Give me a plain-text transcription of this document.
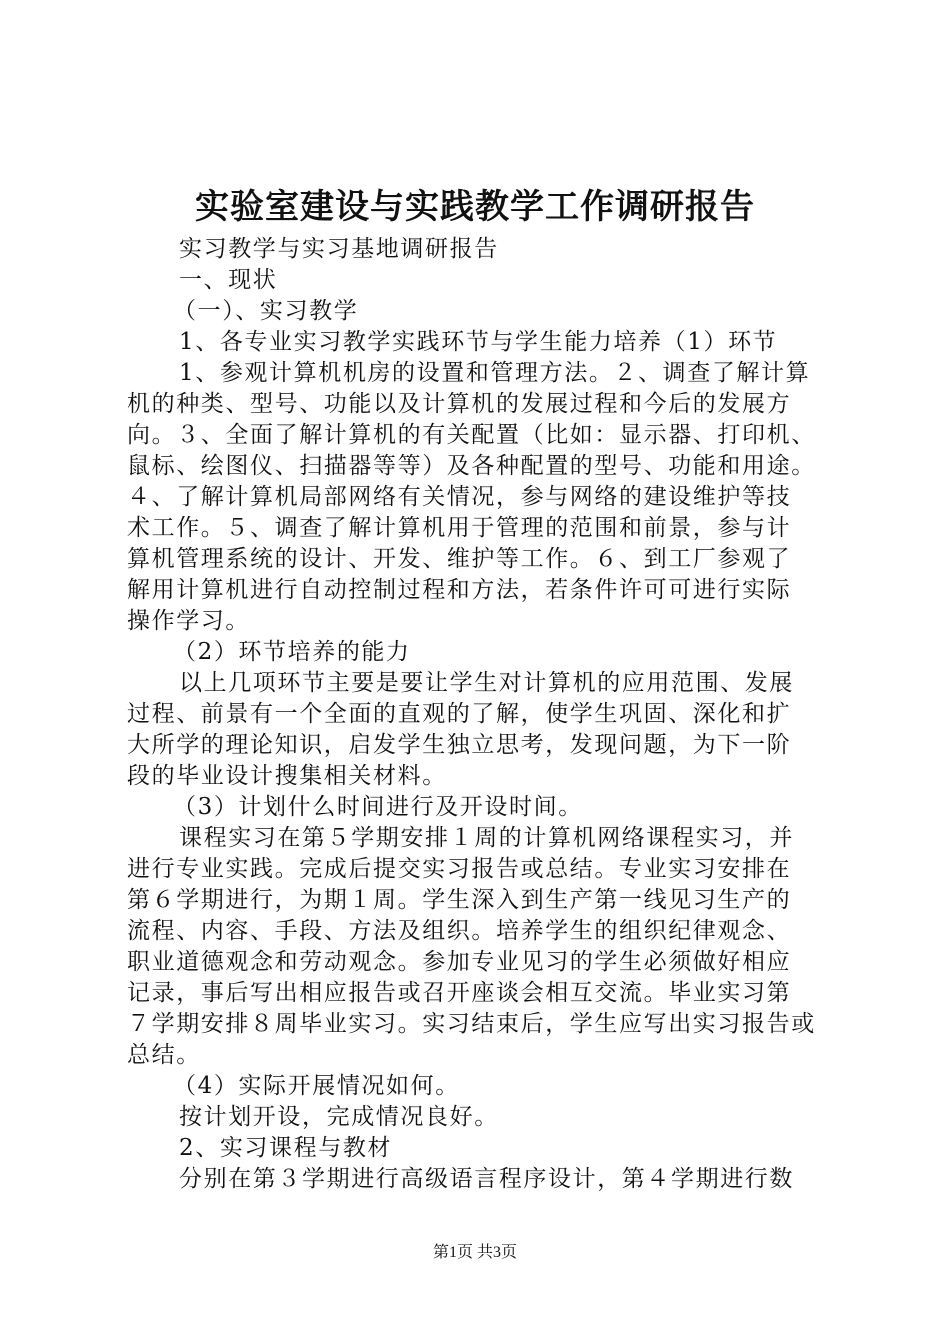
实验室建设与实践教学工作调研报告
实习教学与实习基地调研报告
一、现状
（一）、实习教学
1、各专业实习教学实践环节与学生能力培养（1）环节
1、参观计算机机房的设置和管理方法。２、调查了解计算
机的种类、型号、功能以及计算机的发展过程和今后的发展方
向。３、全面了解计算机的有关配置（比如：显示器、打印机、
鼠标、绘图仪、扫描器等等）及各种配置的型号、功能和用途。
４、了解计算机局部网络有关情况，参与网络的建设维护等技
术工作。５、调查了解计算机用于管理的范围和前景，参与计
算机管理系统的设计、开发、维护等工作。６、到工厂参观了
解用计算机进行自动控制过程和方法，若条件许可可进行实际
操作学习。
（2）环节培养的能力
以上几项环节主要是要让学生对计算机的应用范围、发展
过程、前景有一个全面的直观的了解，使学生巩固、深化和扩
大所学的理论知识，启发学生独立思考，发现问题，为下一阶
段的毕业设计搜集相关材料。
（3）计划什么时间进行及开设时间。
课程实习在第５学期安排１周的计算机网络课程实习，并
进行专业实践。完成后提交实习报告或总结。专业实习安排在
第６学期进行，为期１周。学生深入到生产第一线见习生产的
流程、内容、手段、方法及组织。培养学生的组织纪律观念、
职业道德观念和劳动观念。参加专业见习的学生必须做好相应
记录，事后写出相应报告或召开座谈会相互交流。毕业实习第
７学期安排８周毕业实习。实习结束后，学生应写出实习报告或
总结。
（4）实际开展情况如何。
按计划开设，完成情况良好。
2、实习课程与教材
分别在第３学期进行高级语言程序设计，第４学期进行数
第1页 共3页
